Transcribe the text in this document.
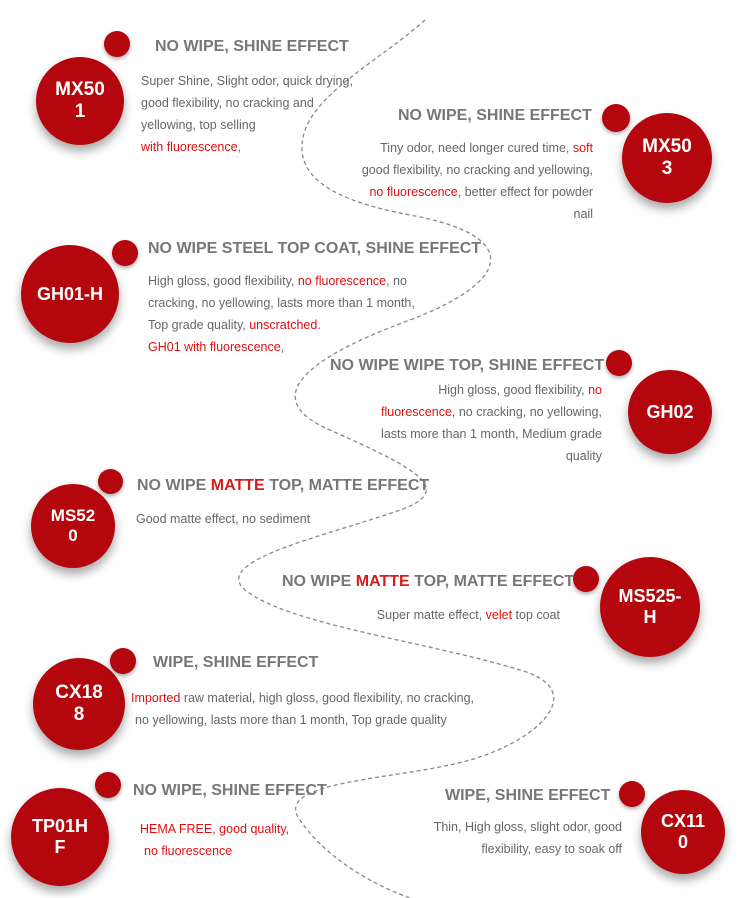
MX50
1
NO WIPE, SHINE EFFECT
Super Shine, Slight odor, quick drying,
good flexibility, no cracking and
yellowing, top selling
with fluorescence,	MX50
3
NO WIPE, SHINE EFFECT
Tiny odor, need longer cured time, soft
good flexibility, no cracking and yellowing,
no fluorescence, better effect for powder
nail
GH01-H
NO WIPE STEEL TOP COAT, SHINE EFFECT
High gloss, good flexibility, no fluorescence, no
cracking, no yellowing, lasts more than 1 month,
Top grade quality, unscratched.
GH01 with fluorescence,
GH02
NO WIPE WIPE TOP, SHINE EFFECT
High gloss, good flexibility, no
fluorescence, no cracking, no yellowing,
lasts more than 1 month, Medium grade
quality
MS52
0
NO WIPE MATTE TOP, MATTE EFFECT
Good matte effect, no sediment
MS525-
H
NO WIPE MATTE TOP, MATTE EFFECT
Super matte effect, velet top coat
CX18
8
WIPE, SHINE EFFECT
Imported raw material, high gloss, good flexibility, no cracking,
no yellowing, lasts more than 1 month, Top grade quality
TP01H
F
NO WIPE, SHINE EFFECT
HEMA FREE, good quality,
no fluorescence
CX11
0
WIPE, SHINE EFFECT
Thin, High gloss, slight odor, good
flexibility, easy to soak off
